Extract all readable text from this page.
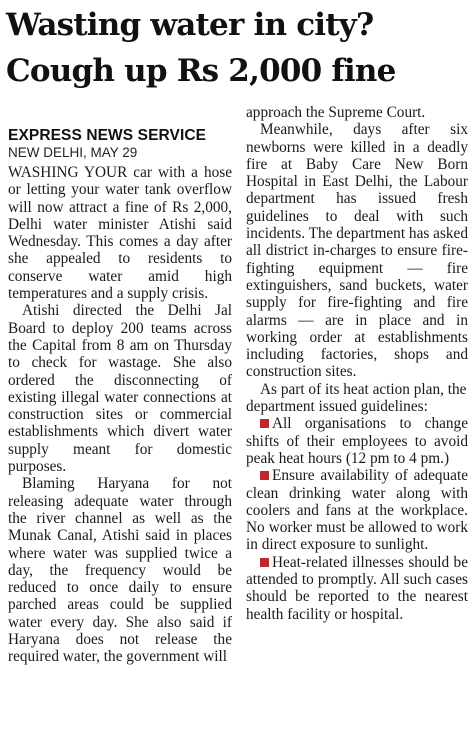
Wasting water in city?
Cough up Rs 2,000 fine
EXPRESS NEWS SERVICE
NEW DELHI, MAY 29

WASHING YOUR car with a hose or letting your water tank overflow will now attract a fine of Rs 2,000, Delhi water minister Atishi said Wednesday. This comes a day after she appealed to residents to conserve water amid high temperatures and a supply crisis.

Atishi directed the Delhi Jal Board to deploy 200 teams across the Capital from 8 am on Thursday to check for wastage. She also ordered the disconnecting of existing illegal water connections at construction sites or commercial establishments which divert water supply meant for domestic purposes.

Blaming Haryana for not releasing adequate water through the river channel as well as the Munak Canal, Atishi said in places where water was supplied twice a day, the frequency would be reduced to once daily to ensure parched areas could be supplied water every day. She also said if Haryana does not release the required water, the government will

approach the Supreme Court.

Meanwhile, days after six newborns were killed in a deadly fire at Baby Care New Born Hospital in East Delhi, the Labour department has issued fresh guidelines to deal with such incidents. The department has asked all district in-charges to ensure fire-fighting equipment — fire extinguishers, sand buckets, water supply for fire-fighting and fire alarms — are in place and in working order at establishments including factories, shops and construction sites.

As part of its heat action plan, the department issued guidelines:

All organisations to change shifts of their employees to avoid peak heat hours (12 pm to 4 pm.)

Ensure availability of adequate clean drinking water along with coolers and fans at the workplace. No worker must be allowed to work in direct exposure to sunlight.

Heat-related illnesses should be attended to promptly. All such cases should be reported to the nearest health facility or hospital.
